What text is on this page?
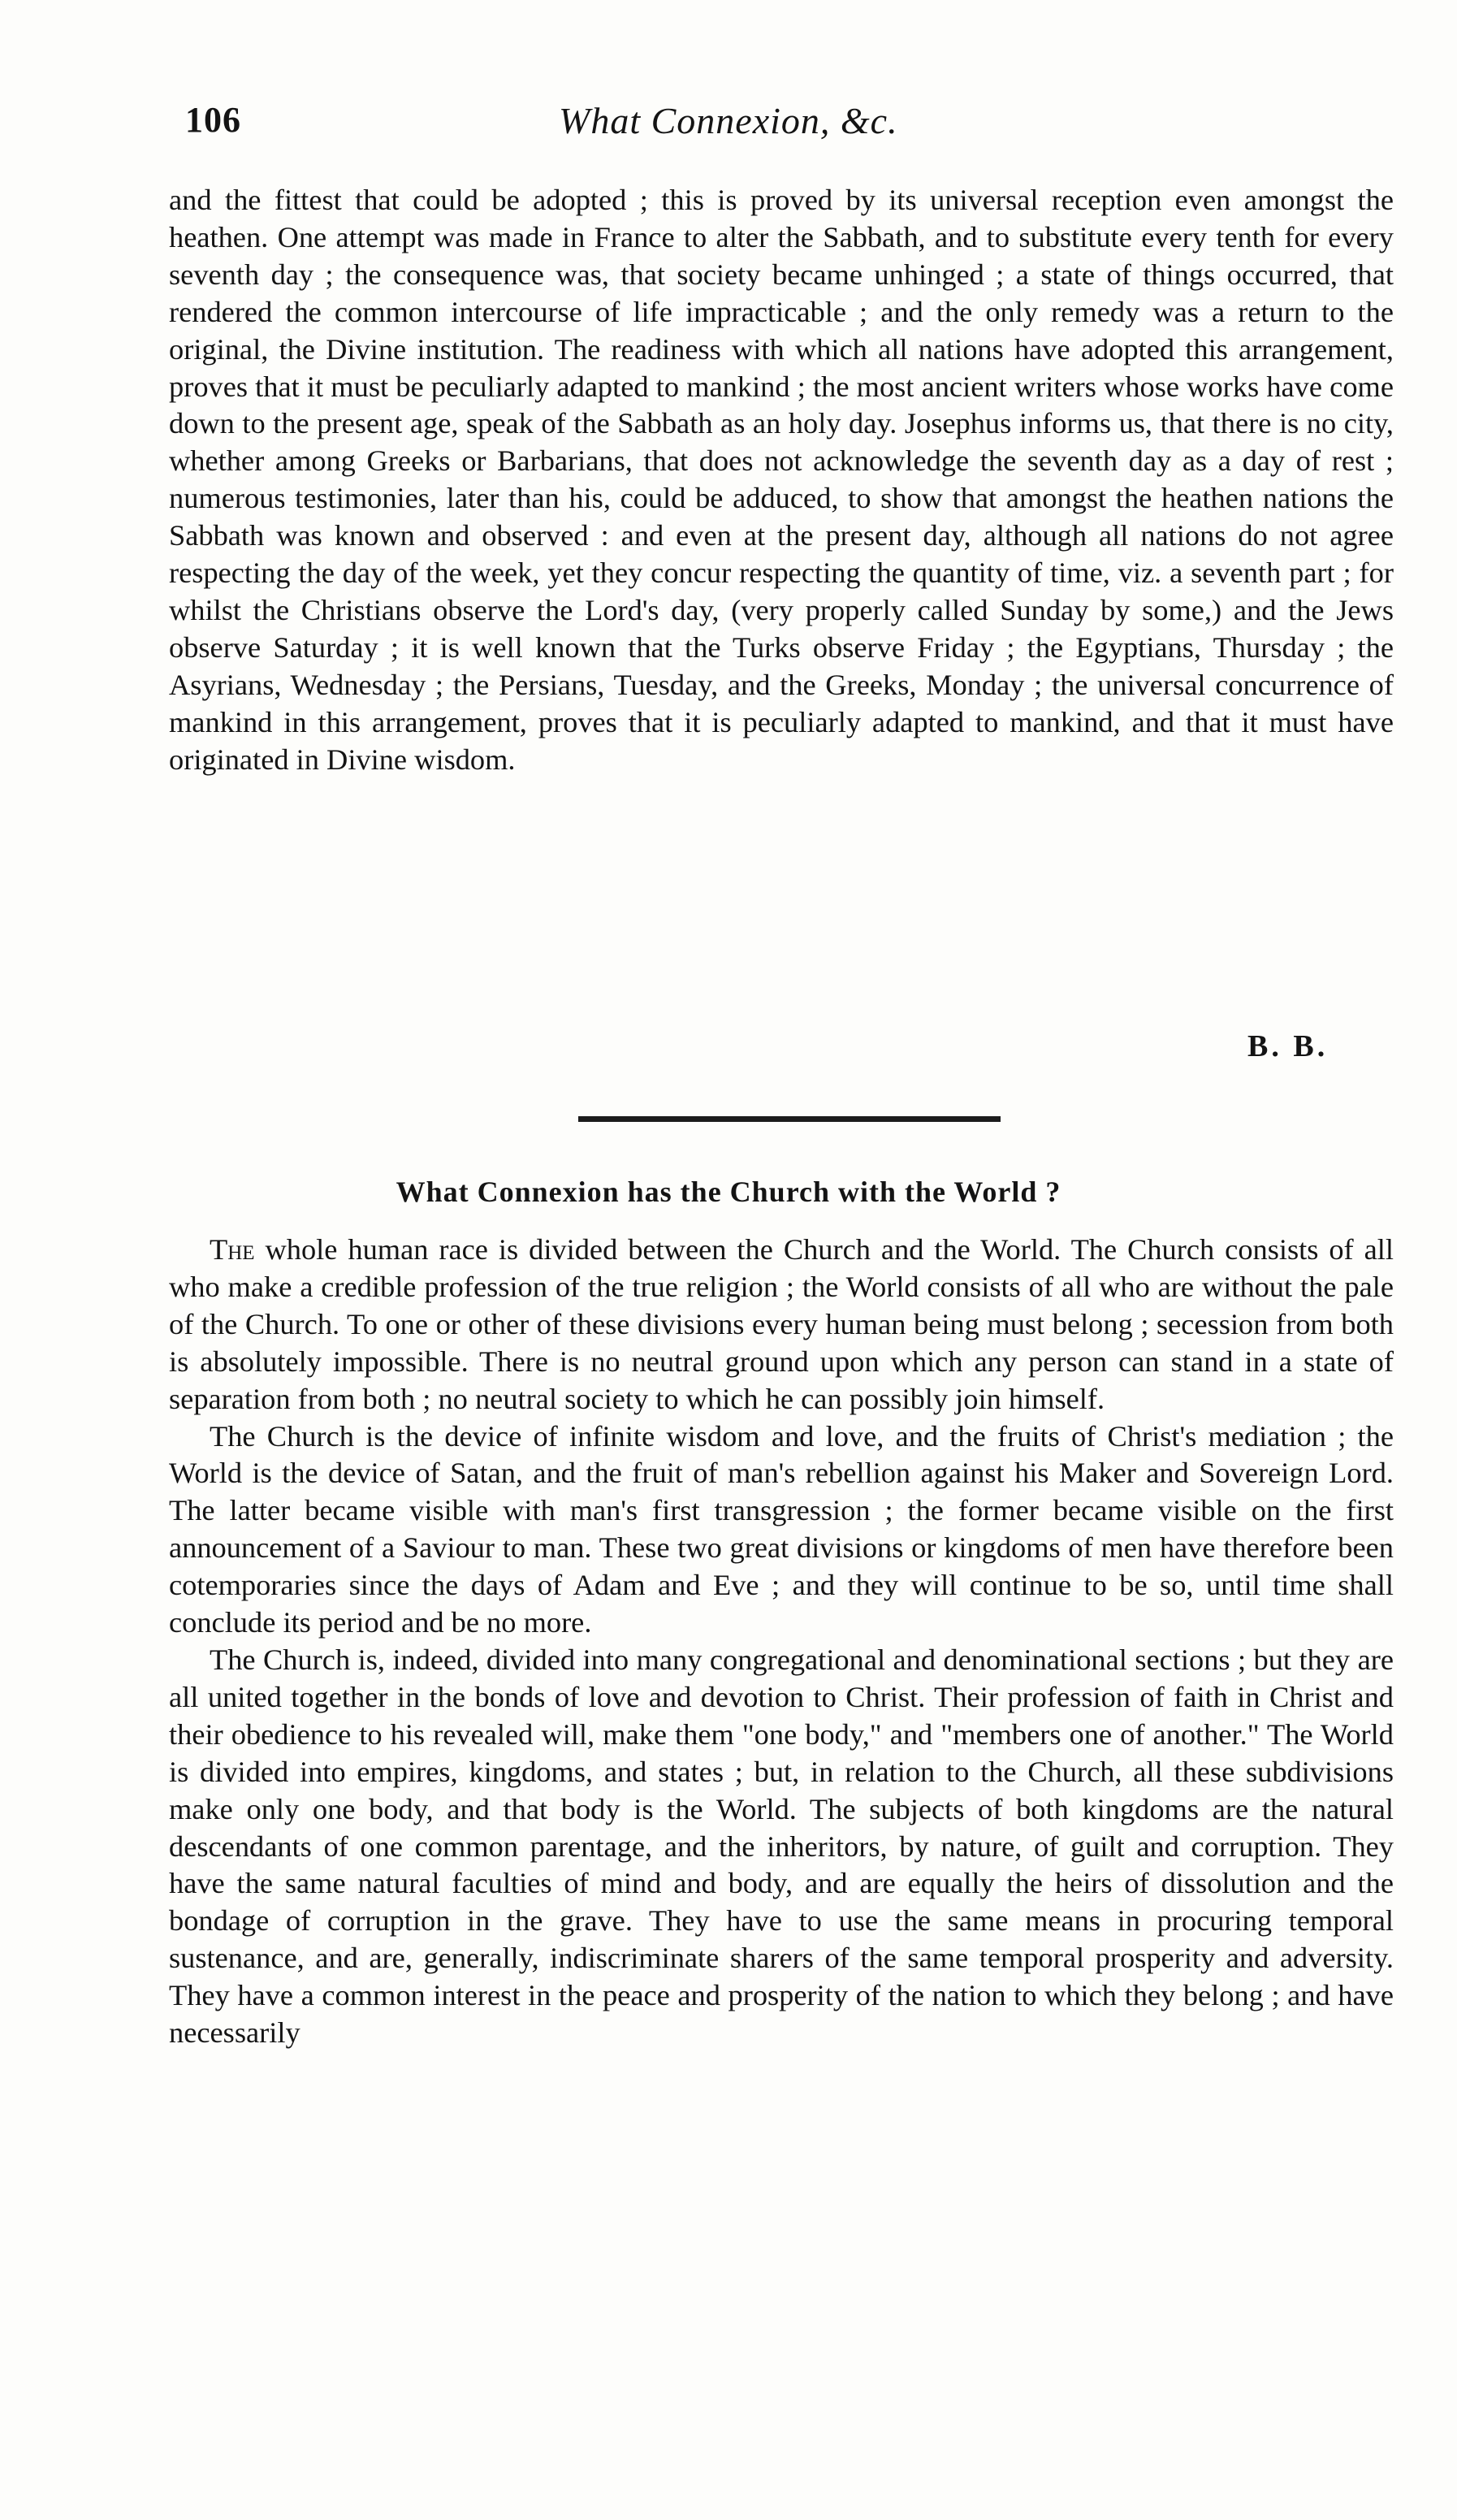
106	What Connexion, &c.

and the fittest that could be adopted ; this is proved by its universal reception even amongst the heathen. One attempt was made in France to alter the Sabbath, and to substitute every tenth for every seventh day ; the consequence was, that society became unhinged ; a state of things occurred, that rendered the common intercourse of life impracticable ; and the only remedy was a return to the original, the Divine institution. The readiness with which all nations have adopted this arrangement, proves that it must be peculiarly adapted to mankind ; the most ancient writers whose works have come down to the present age, speak of the Sabbath as an holy day. Josephus informs us, that there is no city, whether among Greeks or Barbarians, that does not acknowledge the seventh day as a day of rest ; numerous testimonies, later than his, could be adduced, to show that amongst the heathen nations the Sabbath was known and observed : and even at the present day, although all nations do not agree respecting the day of the week, yet they concur respecting the quantity of time, viz. a seventh part ; for whilst the Christians observe the Lord's day, (very properly called Sunday by some,) and the Jews observe Saturday ; it is well known that the Turks observe Friday ; the Egyptians, Thursday ; the Asyrians, Wednesday ; the Persians, Tuesday, and the Greeks, Monday ; the universal concurrence of mankind in this arrangement, proves that it is peculiarly adapted to mankind, and that it must have originated in Divine wisdom.

B. B.
What Connexion has the Church with the World ?

The whole human race is divided between the Church and the World. The Church consists of all who make a credible profession of the true religion ; the World consists of all who are without the pale of the Church. To one or other of these divisions every human being must belong ; secession from both is absolutely impossible. There is no neutral ground upon which any person can stand in a state of separation from both ; no neutral society to which he can possibly join himself.

The Church is the device of infinite wisdom and love, and the fruits of Christ's mediation ; the World is the device of Satan, and the fruit of man's rebellion against his Maker and Sovereign Lord. The latter became visible with man's first transgression ; the former became visible on the first announcement of a Saviour to man. These two great divisions or kingdoms of men have therefore been cotemporaries since the days of Adam and Eve ; and they will continue to be so, until time shall conclude its period and be no more.

The Church is, indeed, divided into many congregational and denominational sections ; but they are all united together in the bonds of love and devotion to Christ. Their profession of faith in Christ and their obedience to his revealed will, make them "one body," and "members one of another." The World is divided into empires, kingdoms, and states ; but, in relation to the Church, all these subdivisions make only one body, and that body is the World. The subjects of both kingdoms are the natural descendants of one common parentage, and the inheritors, by nature, of guilt and corruption. They have the same natural faculties of mind and body, and are equally the heirs of dissolution and the bondage of corruption in the grave. They have to use the same means in procuring temporal sustenance, and are, generally, indiscriminate sharers of the same temporal prosperity and adversity. They have a common interest in the peace and prosperity of the nation to which they belong ; and have necessarily
